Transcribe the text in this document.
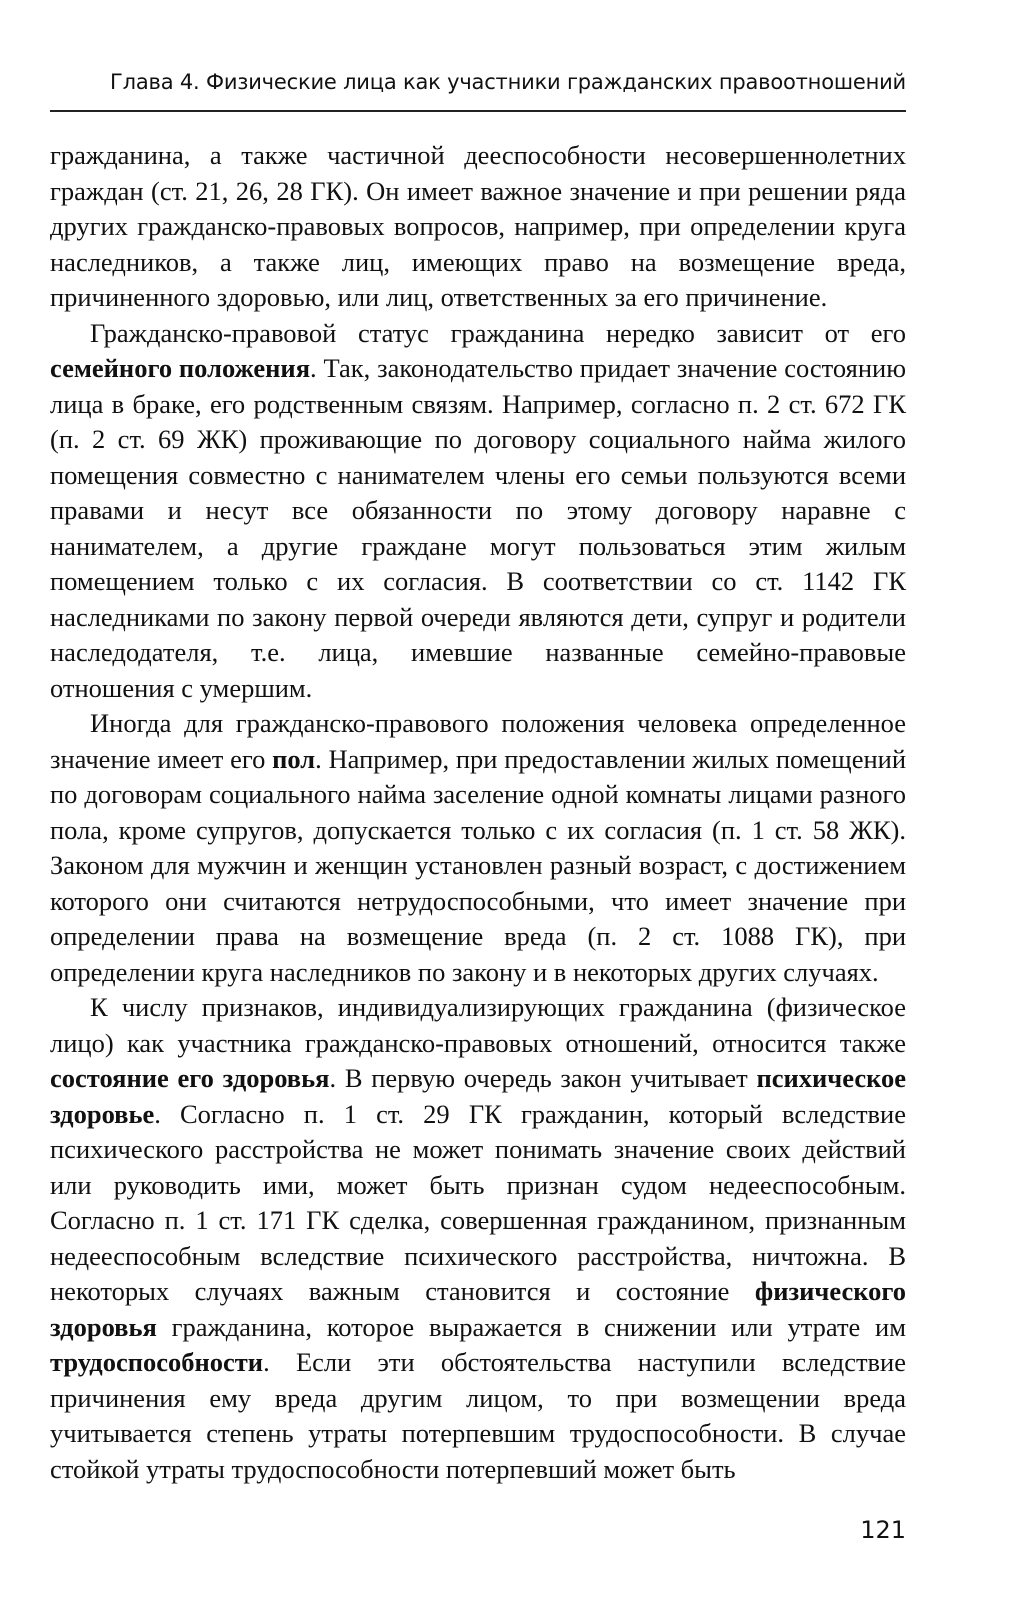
Глава 4. Физические лица как участники гражданских правоотношений

гражданина, а также частичной дееспособности несовершеннолетних граждан (ст. 21, 26, 28 ГК). Он имеет важное значение и при решении ряда других гражданско-правовых вопросов, например, при определении круга наследников, а также лиц, имеющих право на возмещение вреда, причиненного здоровью, или лиц, ответственных за его причинение.

Гражданско-правовой статус гражданина нередко зависит от его семейного положения. Так, законодательство придает значение состоянию лица в браке, его родственным связям. Например, согласно п. 2 ст. 672 ГК (п. 2 ст. 69 ЖК) проживающие по договору социального найма жилого помещения совместно с нанимателем члены его семьи пользуются всеми правами и несут все обязанности по этому договору наравне с нанимателем, а другие граждане могут пользоваться этим жилым помещением только с их согласия. В соответствии со ст. 1142 ГК наследниками по закону первой очереди являются дети, супруг и родители наследодателя, т.е. лица, имевшие названные семейно-правовые отношения с умершим.

Иногда для гражданско-правового положения человека определенное значение имеет его пол. Например, при предоставлении жилых помещений по договорам социального найма заселение одной комнаты лицами разного пола, кроме супругов, допускается только с их согласия (п. 1 ст. 58 ЖК). Законом для мужчин и женщин установлен разный возраст, с достижением которого они считаются нетрудоспособными, что имеет значение при определении права на возмещение вреда (п. 2 ст. 1088 ГК), при определении круга наследников по закону и в некоторых других случаях.

К числу признаков, индивидуализирующих гражданина (физическое лицо) как участника гражданско-правовых отношений, относится также состояние его здоровья. В первую очередь закон учитывает психическое здоровье. Согласно п. 1 ст. 29 ГК гражданин, который вследствие психического расстройства не может понимать значение своих действий или руководить ими, может быть признан судом недееспособным. Согласно п. 1 ст. 171 ГК сделка, совершенная гражданином, признанным недееспособным вследствие психического расстройства, ничтожна. В некоторых случаях важным становится и состояние физического здоровья гражданина, которое выражается в снижении или утрате им трудоспособности. Если эти обстоятельства наступили вследствие причинения ему вреда другим лицом, то при возмещении вреда учитывается степень утраты потерпевшим трудоспособности. В случае стойкой утраты трудоспособности потерпевший может быть

121
